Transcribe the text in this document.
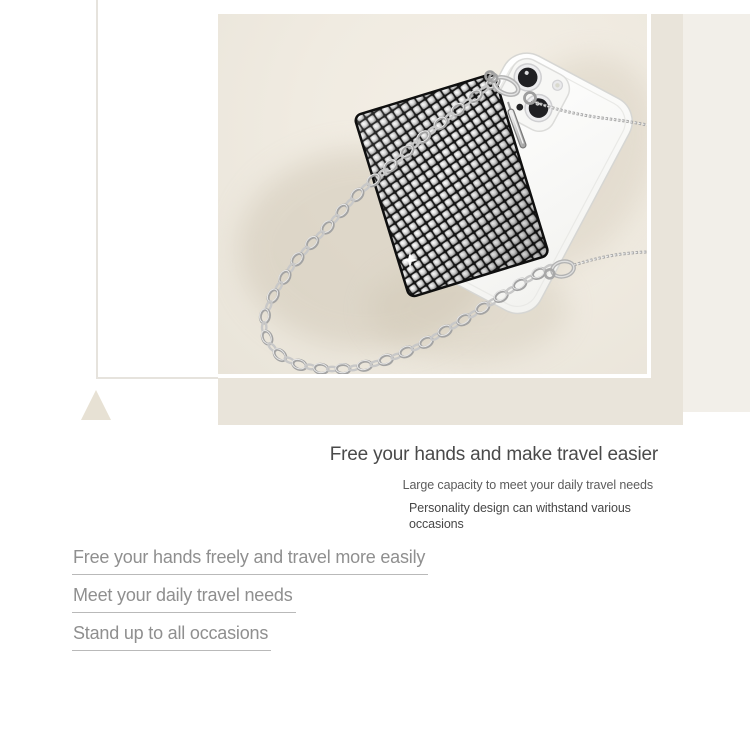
Free your hands and make travel easier
Large capacity to meet your daily travel needs
Personality design can withstand various occasions
Free your hands freely and travel more easily
Meet your daily travel needs
Stand up to all occasions
